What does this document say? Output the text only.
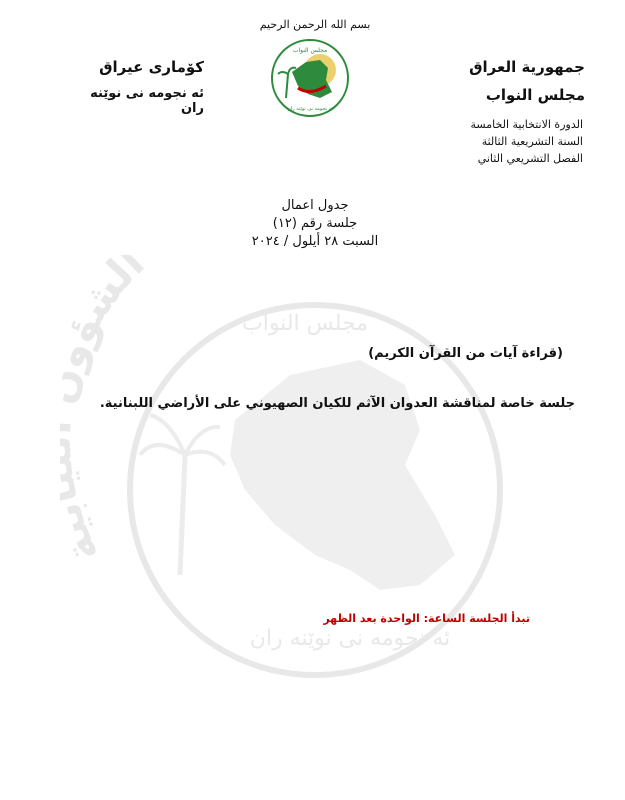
الش
ئه نجومه نى نوێنه ران
مجلس النواب
بسم الله الرحمن الرحيم
مجلس النواب
ئه نجومه نى نوێنه ران
جمهورية العراق
مجلس النواب
الدورة الانتخابية الخامسة
السنة التشريعية الثالثة
الفصل التشريعي الثاني
كۆمارى عيراق
ئه نجومه نى نوێنه ران
جدول اعمال
جلسة رقم (١٢)
السبت ٢٨ أيلول / ٢٠٢٤
(قراءة آيات من القرآن الكريم)
جلسة خاصة لمناقشة العدوان الآثم للكيان الصهيوني على الأراضي اللبنانية.
تبدأ الجلسة الساعة: الواحدة بعد الظهر
